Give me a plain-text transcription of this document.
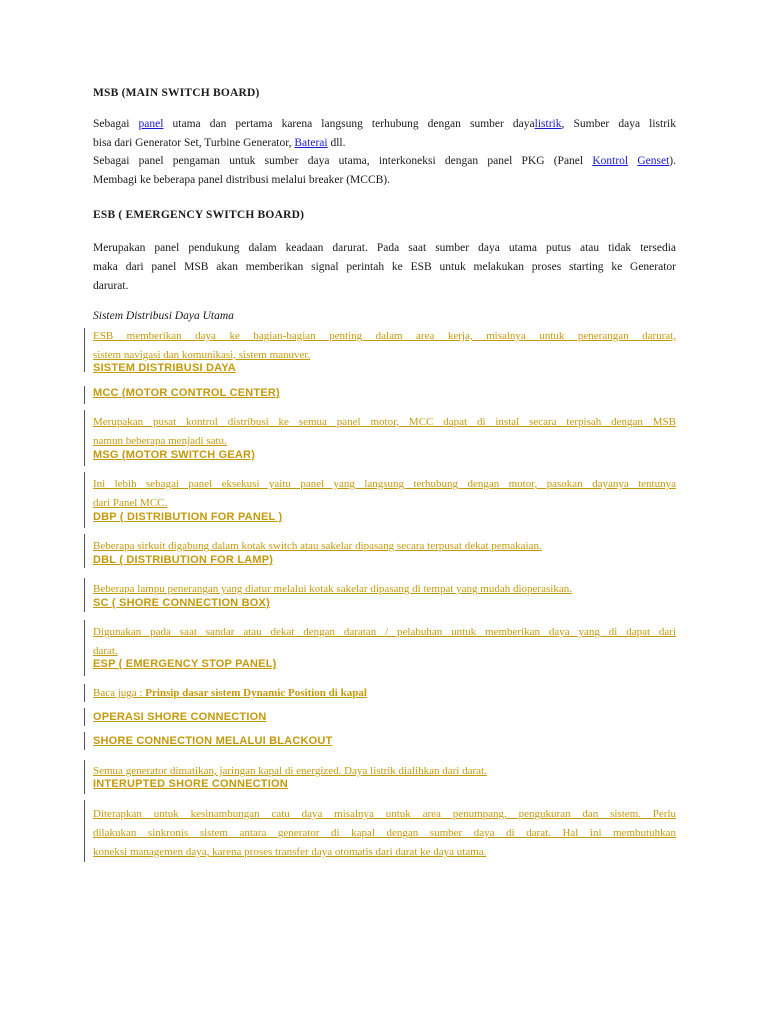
MSB (MAIN SWITCH BOARD)
Sebagai panel utama dan pertama karena langsung terhubung dengan sumber dayalistrik, Sumber daya listrik
bisa dari Generator Set, Turbine Generator, Baterai dll.
Sebagai panel pengaman untuk sumber daya utama, interkoneksi dengan panel PKG (Panel Kontrol Genset).
Membagi ke beberapa panel distribusi melalui breaker (MCCB).
ESB ( EMERGENCY SWITCH BOARD)
Merupakan panel pendukung dalam keadaan darurat. Pada saat sumber daya utama putus atau tidak tersedia
maka dari panel MSB akan memberikan signal perintah ke ESB untuk melakukan proses starting ke Generator
darurat.
Sistem Distribusi Daya Utama
ESB memberikan daya ke bagian-bagian penting dalam area kerja, misalnya untuk penerangan darurat,
sistem navigasi dan komunikasi, sistem manuver.
SISTEM DISTRIBUSI DAYA
MCC (MOTOR CONTROL CENTER)
Merupakan pusat kontrol distribusi ke semua panel motor, MCC dapat di instal secara terpisah dengan MSB
namun beberapa menjadi satu.
MSG (MOTOR SWITCH GEAR)
Ini lebih sebagai panel eksekusi yaitu panel yang langsung terhubung dengan motor, pasokan dayanya tentunya
dari Panel MCC.
DBP ( DISTRIBUTION FOR PANEL )
Beberapa sirkuit digabung dalam kotak switch atau sakelar dipasang secara terpusat dekat pemakaian.
DBL ( DISTRIBUTION FOR LAMP)
Beberapa lampu penerangan yang diatur melalui kotak sakelar dipasang di tempat yang mudah dioperasikan.
SC ( SHORE CONNECTION BOX)
Digunakan pada saat sandar atau dekat dengan daratan / pelabuhan untuk memberikan daya yang di dapat dari
darat.
ESP ( EMERGENCY STOP PANEL)
Baca juga : Prinsip dasar sistem Dynamic Position di kapal
OPERASI SHORE CONNECTION
SHORE CONNECTION MELALUI BLACKOUT
Semua generator dimatikan, jaringan kapal di energized. Daya listrik dialihkan dari darat.
INTERUPTED SHORE CONNECTION
Diterapkan untuk kesinambungan catu daya misalnya untuk area penumpang, pengukuran dan sistem. Perlu
dilakukan sinkronis sistem antara generator di kapal dengan sumber daya di darat. Hal ini membutuhkan
koneksi managemen daya, karena proses transfer daya otomatis dari darat ke daya utama.
